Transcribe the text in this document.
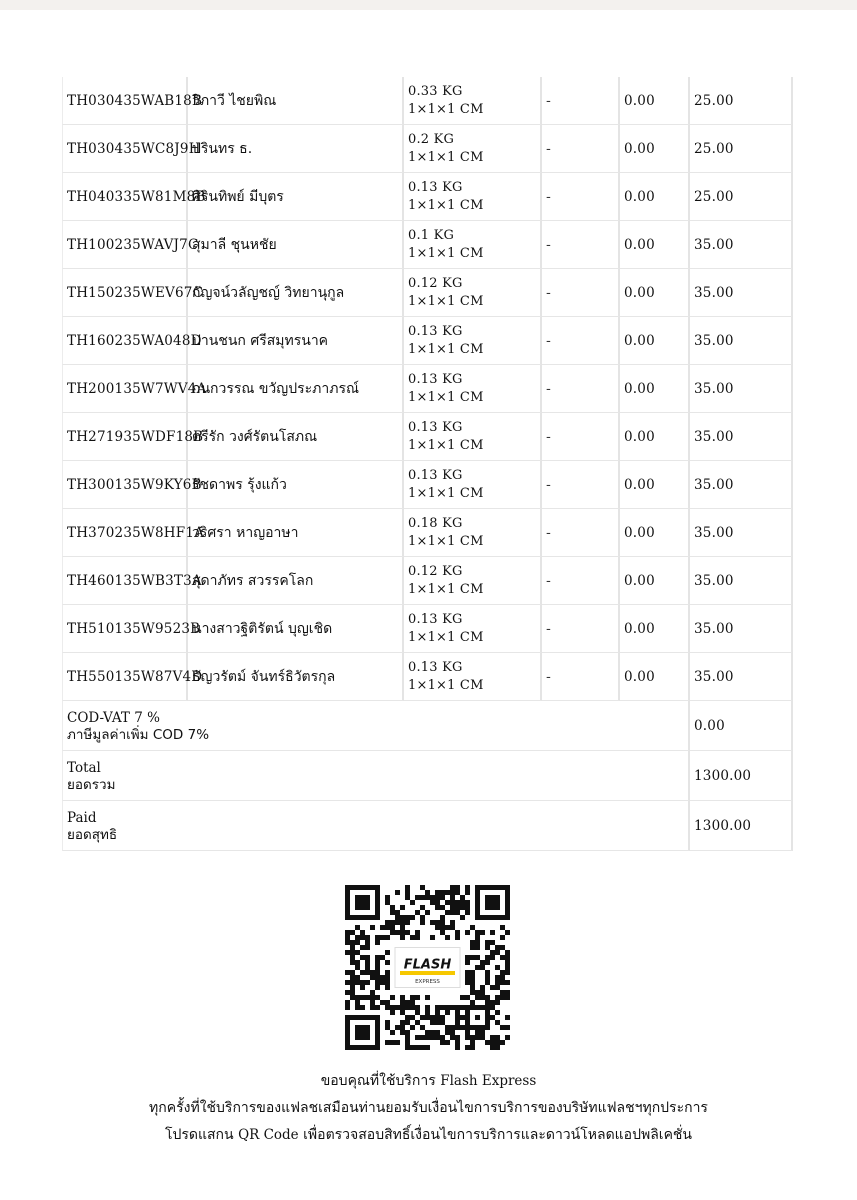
TH030435WAB18B	วิภาวี ไชยพิณ	0.33 KG
1×1×1 CM	-	0.00	25.00
TH030435WC8J9H	ปรินทร ธ.	0.2 KG
1×1×1 CM	-	0.00	25.00
TH040335W81M8B	ศิรินทิพย์ มีบุตร	0.13 KG
1×1×1 CM	-	0.00	25.00
TH100235WAVJ7C	สุมาลี ชุนหชัย	0.1 KG
1×1×1 CM	-	0.00	35.00
TH150235WEV67C	กัญจน์วลัญชญ์ วิทยานุกูล	0.12 KG
1×1×1 CM	-	0.00	35.00
TH160235WA048D	ปานชนก ศรีสมุทรนาค	0.13 KG
1×1×1 CM	-	0.00	35.00
TH200135W7WV4A	กนกวรรณ ขวัญประภาภรณ์	0.13 KG
1×1×1 CM	-	0.00	35.00
TH271935WDF18B	ตรีรัก วงศ์รัตนโสภณ	0.13 KG
1×1×1 CM	-	0.00	35.00
TH300135W9KY6B	รัชดาพร รุ้งแก้ว	0.13 KG
1×1×1 CM	-	0.00	35.00
TH370235W8HF1A	วริศรา หาญอาษา	0.18 KG
1×1×1 CM	-	0.00	35.00
TH460135WB3T3A	สุดาภัทร สวรรคโลก	0.12 KG
1×1×1 CM	-	0.00	35.00
TH510135W9523B	นางสาวฐิติรัตน์ บุญเชิด	0.13 KG
1×1×1 CM	-	0.00	35.00
TH550135W87V4D	ธัญวรัตม์ จันทร์ธิวัตรกุล	0.13 KG
1×1×1 CM	-	0.00	35.00

COD-VAT 7 %
ภาษีมูลค่าเพิ่ม COD 7%					0.00

Total
ยอดรวม					1300.00

Paid
ยอดสุทธิ					1300.00
FLASH
EXPRESS
ขอบคุณที่ใช้บริการ Flash Express
ทุกครั้งที่ใช้บริการของแฟลชเสมือนท่านยอมรับเงื่อนไขการบริการของบริษัทแฟลชฯทุกประการ
โปรดแสกน QR Code เพื่อตรวจสอบสิทธิ์เงื่อนไขการบริการและดาวน์โหลดแอปพลิเคชั่น
